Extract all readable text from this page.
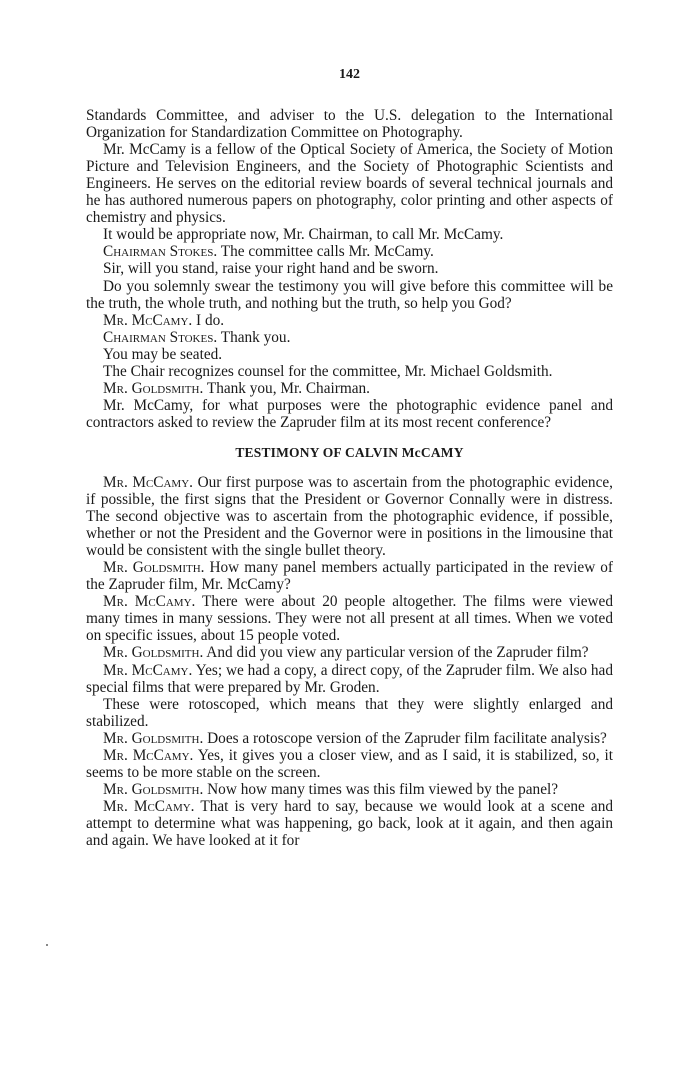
142

Standards Committee, and adviser to the U.S. delegation to the International Organization for Standardization Committee on Photography.

Mr. McCamy is a fellow of the Optical Society of America, the Society of Motion Picture and Television Engineers, and the Society of Photographic Scientists and Engineers. He serves on the editorial review boards of several technical journals and he has authored numerous papers on photography, color printing and other aspects of chemistry and physics.

It would be appropriate now, Mr. Chairman, to call Mr. McCamy.

Chairman Stokes. The committee calls Mr. McCamy.

Sir, will you stand, raise your right hand and be sworn.

Do you solemnly swear the testimony you will give before this committee will be the truth, the whole truth, and nothing but the truth, so help you God?

Mr. McCamy. I do.

Chairman Stokes. Thank you.

You may be seated.

The Chair recognizes counsel for the committee, Mr. Michael Goldsmith.

Mr. Goldsmith. Thank you, Mr. Chairman.

Mr. McCamy, for what purposes were the photographic evidence panel and contractors asked to review the Zapruder film at its most recent conference?

TESTIMONY OF CALVIN McCAMY

Mr. McCamy. Our first purpose was to ascertain from the photographic evidence, if possible, the first signs that the President or Governor Connally were in distress. The second objective was to ascertain from the photographic evidence, if possible, whether or not the President and the Governor were in positions in the limousine that would be consistent with the single bullet theory.

Mr. Goldsmith. How many panel members actually participated in the review of the Zapruder film, Mr. McCamy?

Mr. McCamy. There were about 20 people altogether. The films were viewed many times in many sessions. They were not all present at all times. When we voted on specific issues, about 15 people voted.

Mr. Goldsmith. And did you view any particular version of the Zapruder film?

Mr. McCamy. Yes; we had a copy, a direct copy, of the Zapruder film. We also had special films that were prepared by Mr. Groden.

These were rotoscoped, which means that they were slightly enlarged and stabilized.

Mr. Goldsmith. Does a rotoscope version of the Zapruder film facilitate analysis?

Mr. McCamy. Yes, it gives you a closer view, and as I said, it is stabilized, so, it seems to be more stable on the screen.

Mr. Goldsmith. Now how many times was this film viewed by the panel?

Mr. McCamy. That is very hard to say, because we would look at a scene and attempt to determine what was happening, go back, look at it again, and then again and again. We have looked at it for
